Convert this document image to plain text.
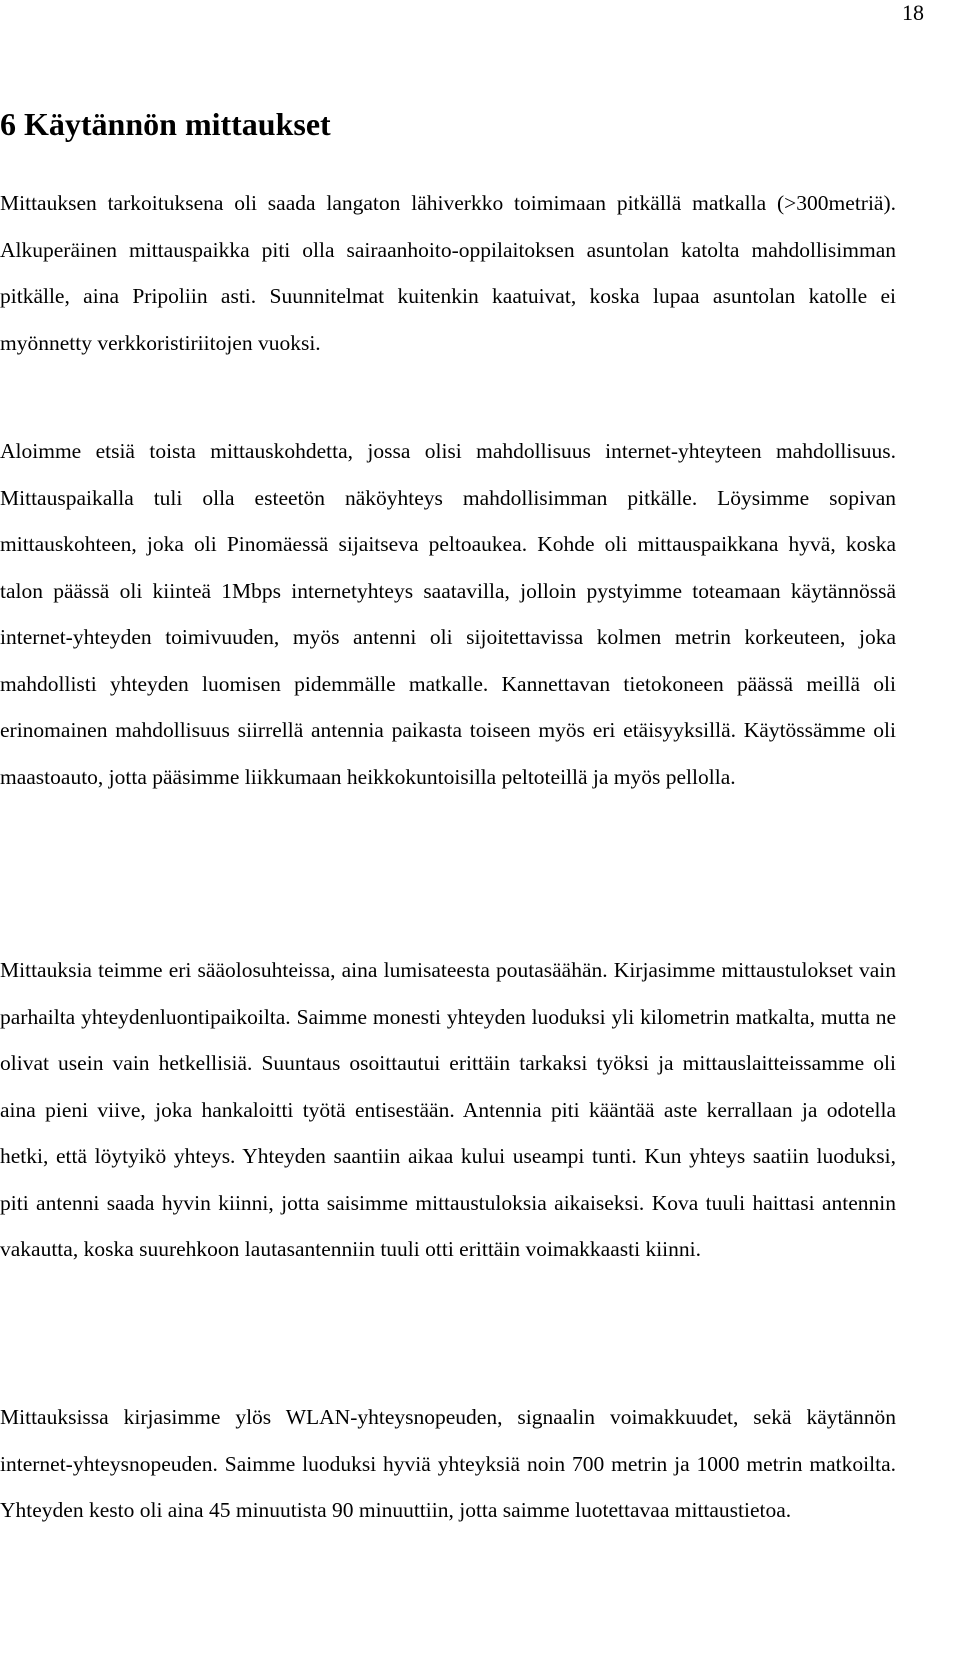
18
6 Käytännön mittaukset

Mittauksen tarkoituksena oli saada langaton lähiverkko toimimaan pitkällä matkalla (>300metriä). Alkuperäinen mittauspaikka piti olla sairaanhoito-oppilaitoksen asuntolan katolta mahdollisimman pitkälle, aina Pripoliin asti. Suunnitelmat kuitenkin kaatuivat, koska lupaa asuntolan katolle ei myönnetty verkkoristiriitojen vuoksi.

Aloimme etsiä toista mittauskohdetta, jossa olisi mahdollisuus internet-yhteyteen mahdollisuus. Mittauspaikalla tuli olla esteetön näköyhteys mahdollisimman pitkälle. Löysimme sopivan mittauskohteen, joka oli Pinomäessä sijaitseva peltoaukea. Kohde oli mittauspaikkana hyvä, koska talon päässä oli kiinteä 1Mbps internetyhteys saatavilla, jolloin pystyimme toteamaan käytännössä internet-yhteyden toimivuuden, myös antenni oli sijoitettavissa kolmen metrin korkeuteen, joka mahdollisti yhteyden luomisen pidemmälle matkalle. Kannettavan tietokoneen päässä meillä oli erinomainen mahdollisuus siirrellä antennia paikasta toiseen myös eri etäisyyksillä. Käytössämme oli maastoauto, jotta pääsimme liikkumaan heikkokuntoisilla peltoteillä ja myös pellolla.

Mittauksia teimme eri sääolosuhteissa, aina lumisateesta poutasäähän. Kirjasimme mittaustulokset vain parhailta yhteydenluontipaikoilta. Saimme monesti yhteyden luoduksi yli kilometrin matkalta, mutta ne olivat usein vain hetkellisiä. Suuntaus osoittautui erittäin tarkaksi työksi ja mittauslaitteissamme oli aina pieni viive, joka hankaloitti työtä entisestään. Antennia piti kääntää aste kerrallaan ja odotella hetki, että löytyikö yhteys. Yhteyden saantiin aikaa kului useampi tunti. Kun yhteys saatiin luoduksi, piti antenni saada hyvin kiinni, jotta saisimme mittaustuloksia aikaiseksi. Kova tuuli haittasi antennin vakautta, koska suurehkoon lautasantenniin tuuli otti erittäin voimakkaasti kiinni.

Mittauksissa kirjasimme ylös WLAN-yhteysnopeuden, signaalin voimakkuudet, sekä käytännön internet-yhteysnopeuden. Saimme luoduksi hyviä yhteyksiä noin 700 metrin ja 1000 metrin matkoilta. Yhteyden kesto oli aina 45 minuutista 90 minuuttiin, jotta saimme luotettavaa mittaustietoa.
